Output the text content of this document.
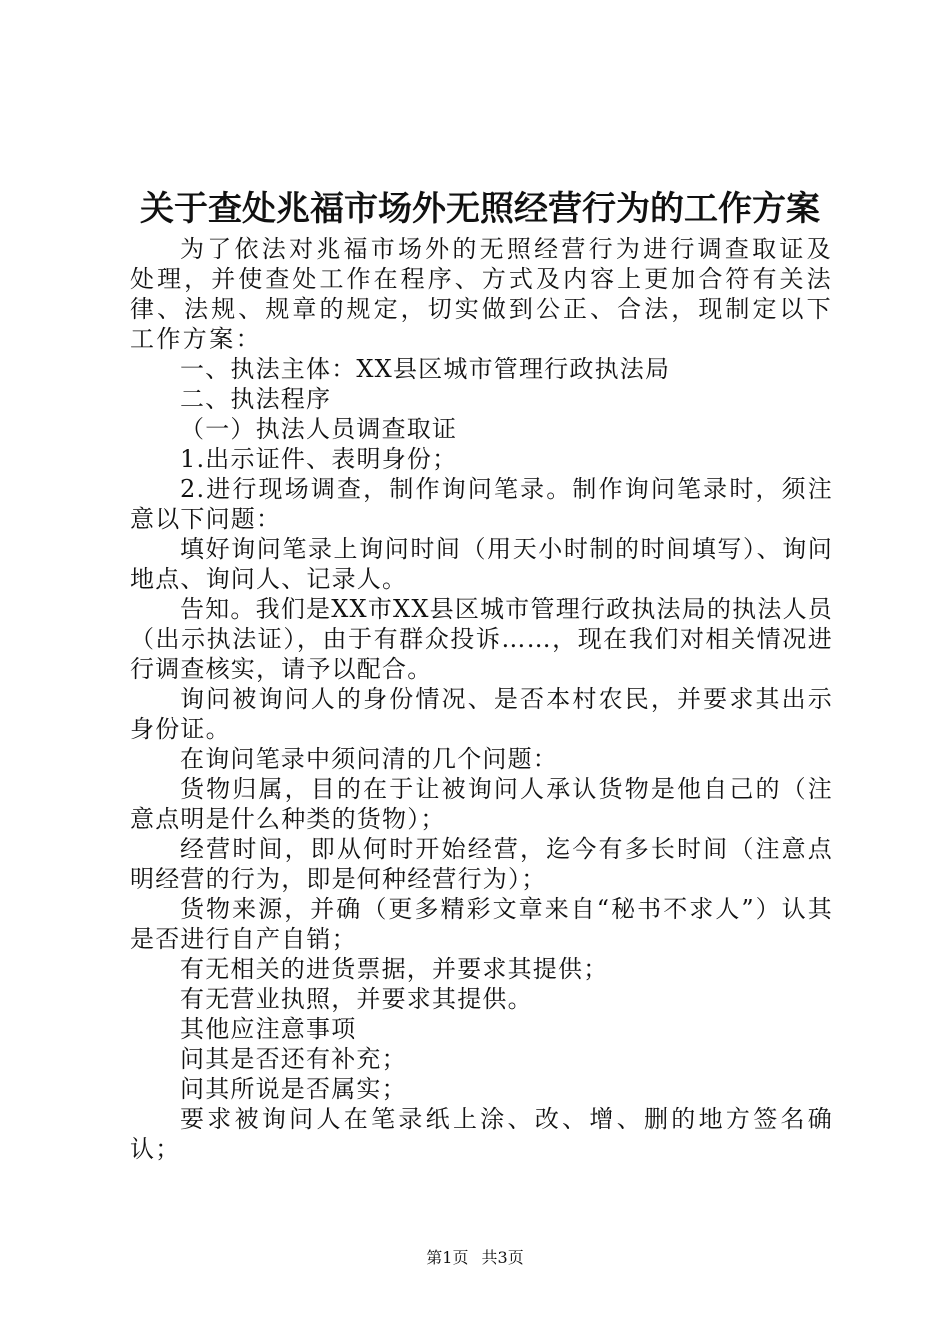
关于查处兆福市场外无照经营行为的工作方案

为了依法对兆福市场外的无照经营行为进行调查取证及处理，并使查处工作在程序、方式及内容上更加合符有关法律、法规、规章的规定，切实做到公正、合法，现制定以下工作方案：

一、执法主体：XX县区城市管理行政执法局

二、执法程序

（一）执法人员调查取证

1.出示证件、表明身份；

2.进行现场调查，制作询问笔录。制作询问笔录时，须注意以下问题：

填好询问笔录上询问时间（用天小时制的时间填写）、询问地点、询问人、记录人。

告知。我们是XX市XX县区城市管理行政执法局的执法人员（出示执法证），由于有群众投诉……，现在我们对相关情况进行调查核实，请予以配合。

询问被询问人的身份情况、是否本村农民，并要求其出示身份证。

在询问笔录中须问清的几个问题：

货物归属，目的在于让被询问人承认货物是他自己的（注意点明是什么种类的货物）；

经营时间，即从何时开始经营，迄今有多长时间（注意点明经营的行为，即是何种经营行为）；

货物来源，并确（更多精彩文章来自“秘书不求人”）认其是否进行自产自销；

有无相关的进货票据，并要求其提供；

有无营业执照，并要求其提供。

其他应注意事项

问其是否还有补充；

问其所说是否属实；

要求被询问人在笔录纸上涂、改、增、删的地方签名确认；

第1页 共3页
